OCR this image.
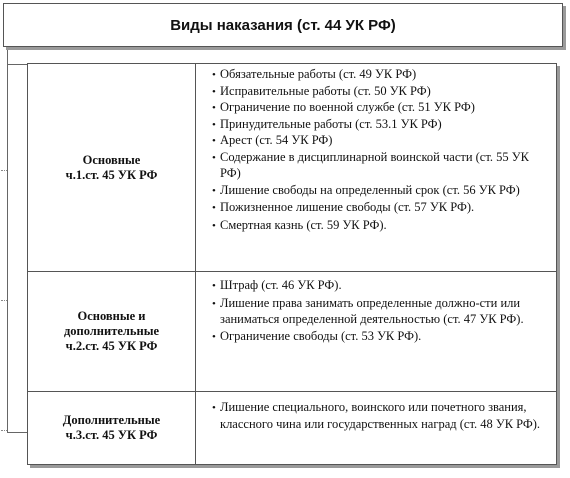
Виды наказания (ст. 44 УК РФ)
Основные
ч.1.ст. 45 УК РФ
• Обязательные работы (ст. 49 УК РФ)
• Исправительные работы (ст. 50 УК РФ)
• Ограничение по военной службе (ст. 51 УК РФ)
• Принудительные работы (ст. 53.1 УК РФ)
• Арест (ст. 54 УК РФ)
• Содержание в дисциплинарной воинской части (ст. 55 УК РФ)
• Лишение свободы на определенный срок (ст. 56 УК РФ)
• Пожизненное лишение свободы (ст. 57 УК РФ).
• Смертная казнь (ст. 59 УК РФ).
Основные и
дополнительные
ч.2.ст. 45 УК РФ
• Штраф (ст. 46 УК РФ).
• Лишение права занимать определенные должно-сти или заниматься определенной деятельностью (ст. 47 УК РФ).
• Ограничение свободы (ст. 53 УК РФ).
Дополнительные
ч.3.ст. 45 УК РФ
• Лишение специального, воинского или почетного звания, классного чина или государственных наград (ст. 48 УК РФ).
